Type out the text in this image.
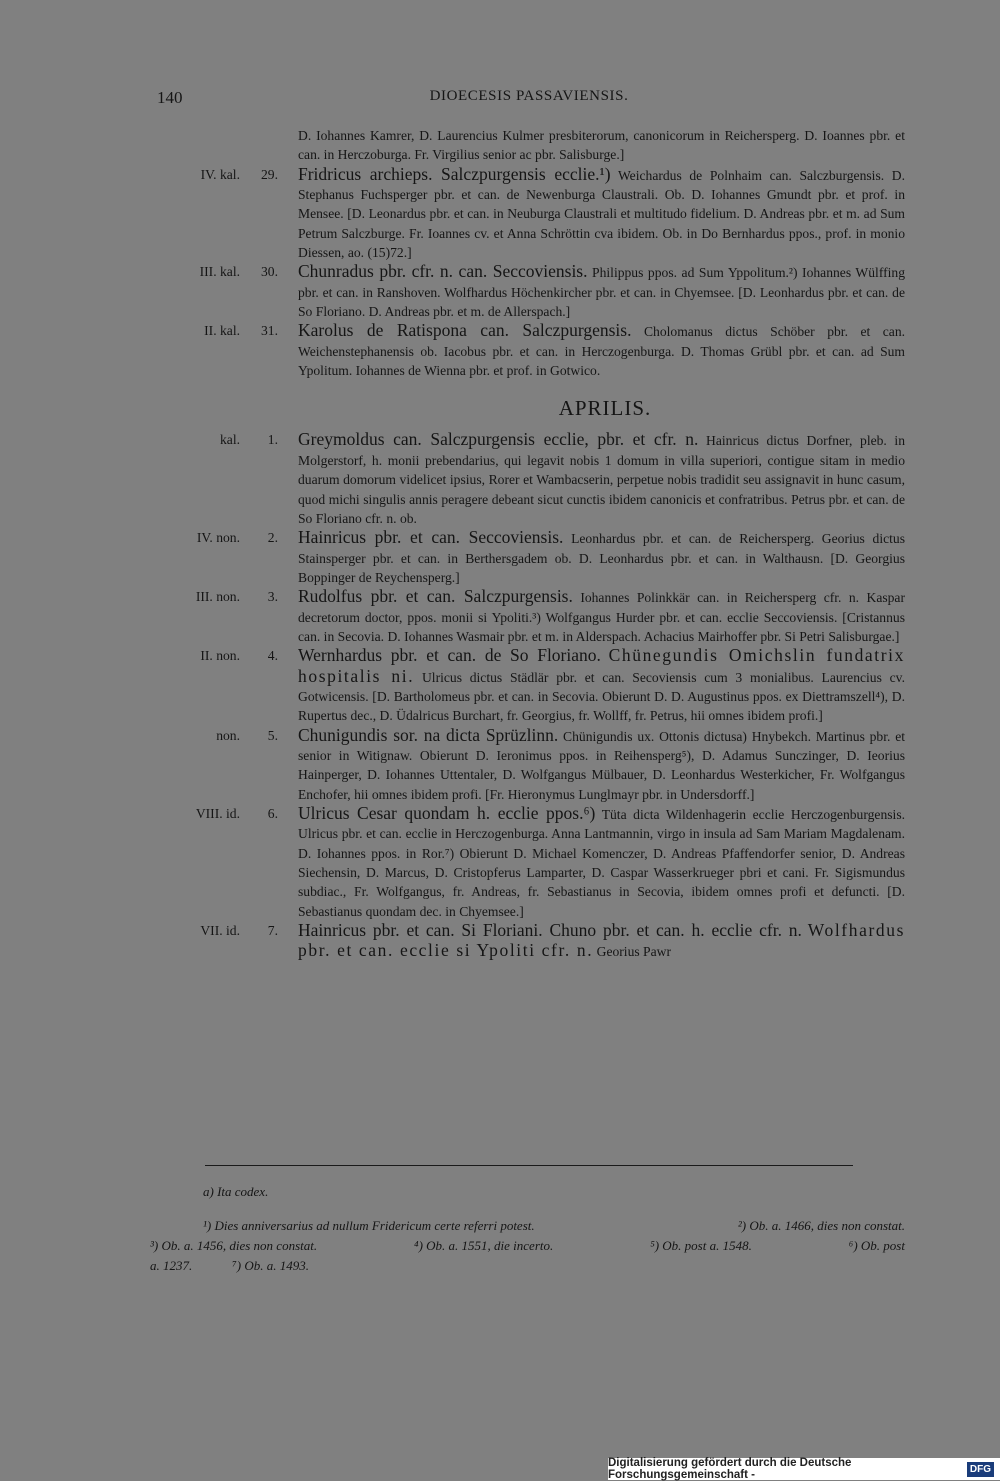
140	DIOECESIS PASSAVIENSIS.
D. Iohannes Kamrer, D. Laurencius Kulmer presbiterorum, canonicorum in Reichersperg. D. Ioannes pbr. et can. in Herczoburga. Fr. Virgilius senior ac pbr. Salisburge.]
IV. kal.	29.	Fridricus archieps. Salczpurgensis ecclie.¹) Weichardus de Polnhaim can. Salczburgensis. D. Stephanus Fuchsperger pbr. et can. de Newenburga Claustrali. Ob. D. Iohannes Gmundt pbr. et prof. in Mensee. [D. Leonardus pbr. et can. in Neuburga Claustrali et multitudo fidelium. D. Andreas pbr. et m. ad Sum Petrum Salczburge. Fr. Ioannes cv. et Anna Schröttin cva ibidem. Ob. in Do Bernhardus ppos., prof. in monio Diessen, ao. (15)72.]
III. kal.	30.	Chunradus pbr. cfr. n. can. Seccoviensis. Philippus ppos. ad Sum Yppolitum.²) Iohannes Wülffing pbr. et can. in Ranshoven. Wolfhardus Höchenkircher pbr. et can. in Chyemsee. [D. Leonhardus pbr. et can. de So Floriano. D. Andreas pbr. et m. de Allerspach.]
II. kal.	31.	Karolus de Ratispona can. Salczpurgensis. Cholomanus dictus Schöber pbr. et can. Weichenstephanensis ob. Iacobus pbr. et can. in Herczogenburga. D. Thomas Grübl pbr. et can. ad Sum Ypolitum. Iohannes de Wienna pbr. et prof. in Gotwico.
APRILIS.
kal.	1.	Greymoldus can. Salczpurgensis ecclie, pbr. et cfr. n. Hainricus dictus Dorfner, pleb. in Molgerstorf, h. monii prebendarius, qui legavit nobis 1 domum in villa superiori, contigue sitam in medio duarum domorum videlicet ipsius, Rorer et Wambacserin, perpetue nobis tradidit seu assignavit in hunc casum, quod michi singulis annis peragere debeant sicut cunctis ibidem canonicis et confratribus. Petrus pbr. et can. de So Floriano cfr. n. ob.
IV. non.	2.	Hainricus pbr. et can. Seccoviensis. Leonhardus pbr. et can. de Reichersperg. Georius dictus Stainsperger pbr. et can. in Berthersgadem ob. D. Leonhardus pbr. et can. in Walthausn. [D. Georgius Boppinger de Reychensperg.]
III. non.	3.	Rudolfus pbr. et can. Salczpurgensis. Iohannes Polinkkär can. in Reichersperg cfr. n. Kaspar decretorum doctor, ppos. monii si Ypoliti.³) Wolfgangus Hurder pbr. et can. ecclie Seccoviensis. [Cristannus can. in Secovia. D. Iohannes Wasmair pbr. et m. in Alderspach. Achacius Mairhoffer pbr. Si Petri Salisburgae.]
II. non.	4.	Wernhardus pbr. et can. de So Floriano. Chünegundis Omichslin fundatrix hospitalis ni. Ulricus dictus Städlär pbr. et can. Secoviensis cum 3 monialibus. Laurencius cv. Gotwicensis. [D. Bartholomeus pbr. et can. in Secovia. Obierunt D. D. Augustinus ppos. ex Diettramszell⁴), D. Rupertus dec., D. Üdalricus Burchart, fr. Georgius, fr. Wollff, fr. Petrus, hii omnes ibidem profi.]
non.	5.	Chunigundis sor. na dicta Sprüzlinn. Chünigundis ux. Ottonis dictusa) Hnybekch. Martinus pbr. et senior in Witignaw. Obierunt D. Ieronimus ppos. in Reihensperg⁵), D. Adamus Sunczinger, D. Ieorius Hainperger, D. Iohannes Uttentaler, D. Wolfgangus Mülbauer, D. Leonhardus Westerkicher, Fr. Wolfgangus Enchofer, hii omnes ibidem profi. [Fr. Hieronymus Lunglmayr pbr. in Undersdorff.]
VIII. id.	6.	Ulricus Cesar quondam h. ecclie ppos.⁶) Tüta dicta Wildenhagerin ecclie Herczogenburgensis. Ulricus pbr. et can. ecclie in Herczogenburga. Anna Lantmannin, virgo in insula ad Sam Mariam Magdalenam. D. Iohannes ppos. in Ror.⁷) Obierunt D. Michael Komenczer, D. Andreas Pfaffendorfer senior, D. Andreas Siechensin, D. Marcus, D. Cristopferus Lamparter, D. Caspar Wasserkrueger pbri et cani. Fr. Sigismundus subdiac., Fr. Wolfgangus, fr. Andreas, fr. Sebastianus in Secovia, ibidem omnes profi et defuncti. [D. Sebastianus quondam dec. in Chyemsee.]
VII. id.	7.	Hainricus pbr. et can. Si Floriani. Chuno pbr. et can. h. ecclie cfr. n. Wolfhardus pbr. et can. ecclie si Ypoliti cfr. n. Georius Pawr
a) Ita codex.
¹) Dies anniversarius ad nullum Fridericum certe referri potest.	²) Ob. a. 1466, dies non constat.
³) Ob. a. 1456, dies non constat.	⁴) Ob. a. 1551, die incerto.	⁵) Ob. post a. 1548.	⁶) Ob. post
a. 1237.	⁷) Ob. a. 1493.
Digitalisierung gefördert durch die Deutsche Forschungsgemeinschaft -	DFG
